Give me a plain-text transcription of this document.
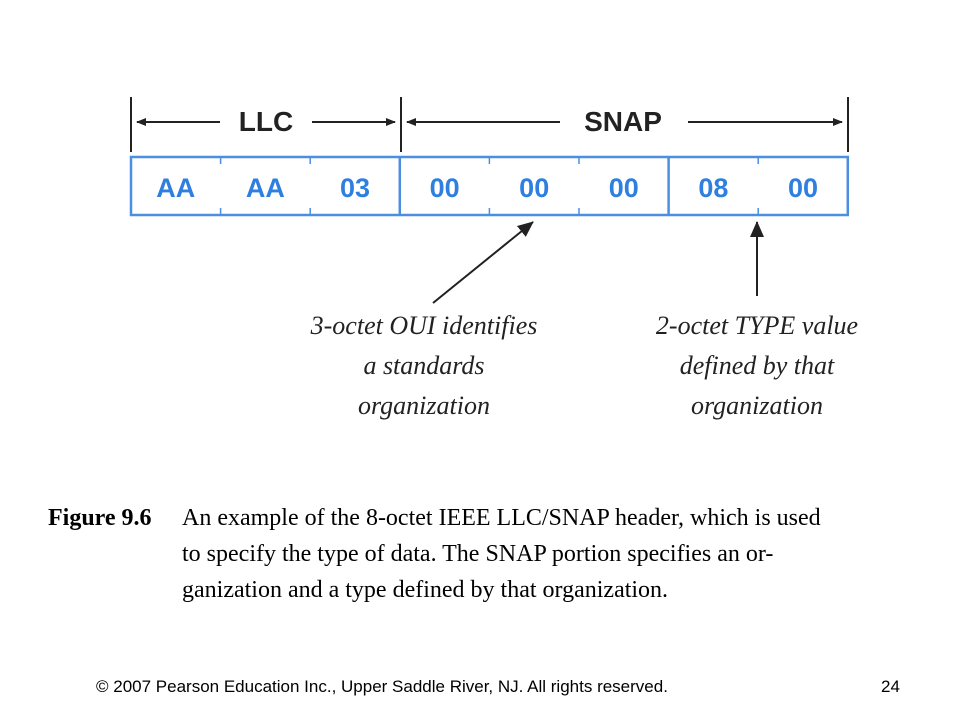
LLC	SNAP
AA AA 03 00 00 00 08 00
3-octet OUI identifies
a standards
organization
2-octet TYPE value
defined by that
organization
Figure 9.6 An example of the 8-octet IEEE LLC/SNAP header, which is used
to specify the type of data. The SNAP portion specifies an or-
ganization and a type defined by that organization.
© 2007 Pearson Education Inc., Upper Saddle River, NJ. All rights reserved.	24
